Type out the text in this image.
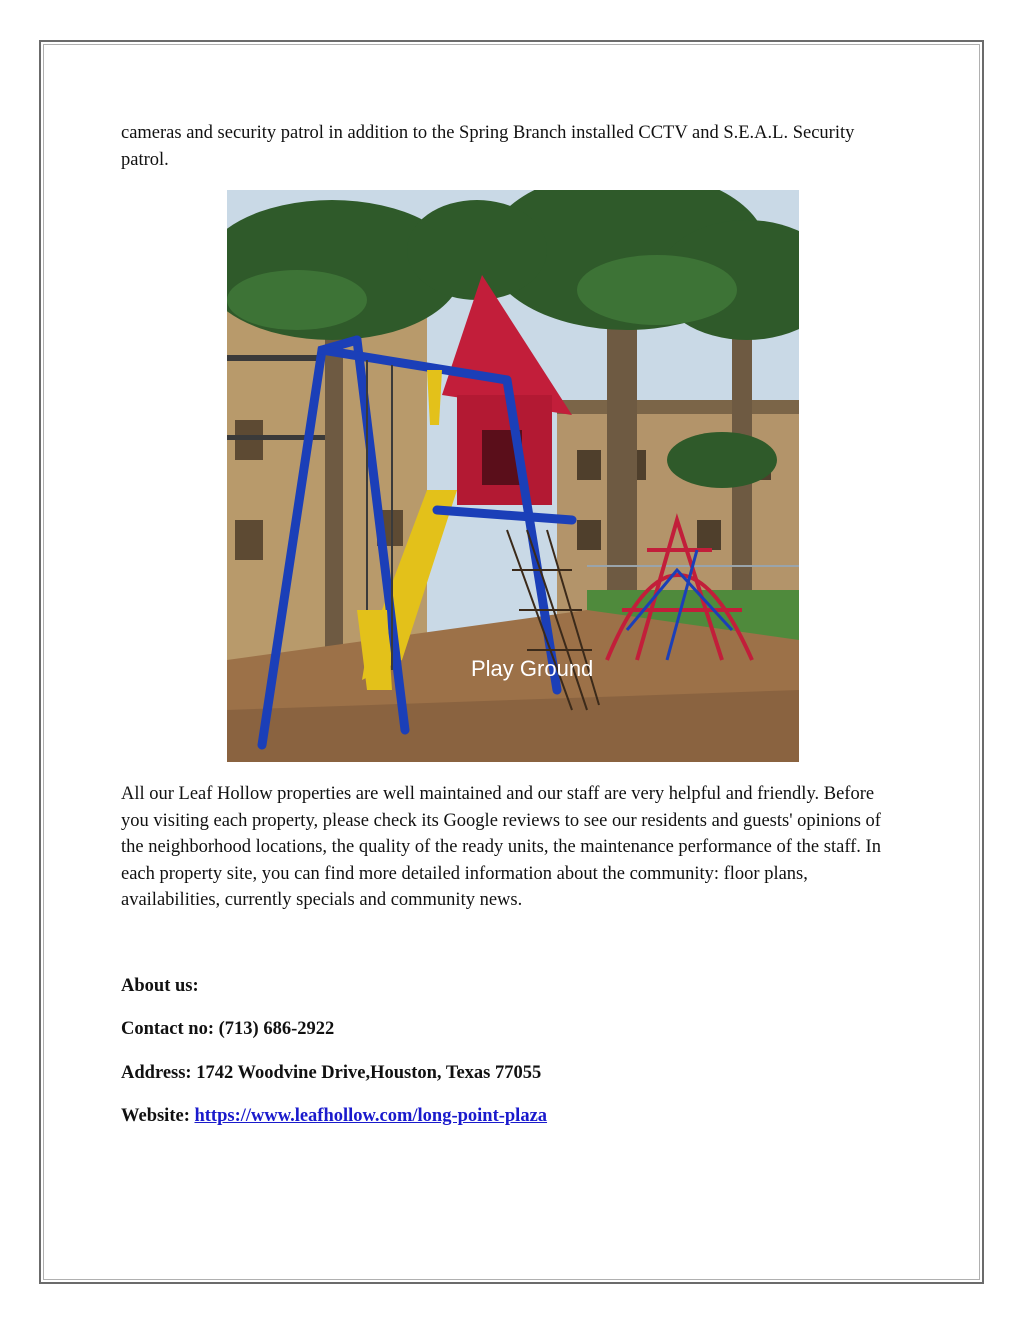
cameras and security patrol in addition to the Spring Branch installed CCTV and S.E.A.L. Security patrol.

Play Ground

All our Leaf Hollow properties are well maintained and our staff are very helpful and friendly. Before you visiting each property, please check its Google reviews to see our residents and guests' opinions of the neighborhood locations, the quality of the ready units, the maintenance performance of the staff. In each property site, you can find more detailed information about the community: floor plans, availabilities, currently specials and community news.

About us:

Contact no: (713) 686-2922

Address: 1742 Woodvine Drive,Houston, Texas 77055

Website: https://www.leafhollow.com/long-point-plaza
